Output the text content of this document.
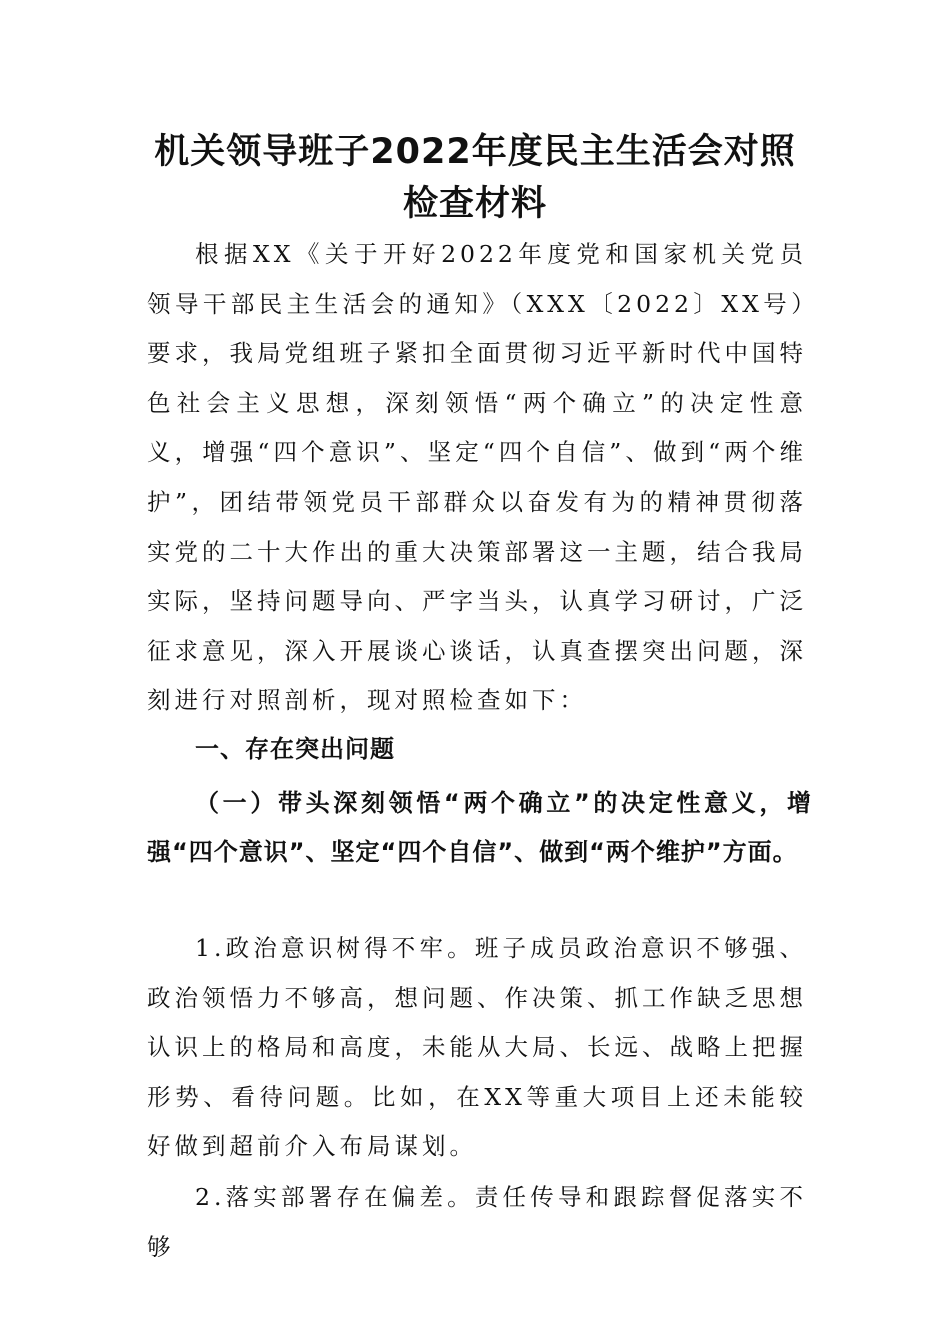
机关领导班子2022年度民主生活会对照
检查材料

根据XX《关于开好2022年度党和国家机关党员领导干部民主生活会的通知》（XXX〔2022〕XX号）要求，我局党组班子紧扣全面贯彻习近平新时代中国特色社会主义思想，深刻领悟“两个确立”的决定性意义，增强“四个意识”、坚定“四个自信”、做到“两个维护”，团结带领党员干部群众以奋发有为的精神贯彻落实党的二十大作出的重大决策部署这一主题，结合我局实际，坚持问题导向、严字当头，认真学习研讨，广泛征求意见，深入开展谈心谈话，认真查摆突出问题，深刻进行对照剖析，现对照检查如下：

一、存在突出问题
（一）带头深刻领悟“两个确立”的决定性意义，增强“四个意识”、坚定“四个自信”、做到“两个维护”方面。

1.政治意识树得不牢。班子成员政治意识不够强、政治领悟力不够高，想问题、作决策、抓工作缺乏思想认识上的格局和高度，未能从大局、长远、战略上把握形势、看待问题。比如，在XX等重大项目上还未能较好做到超前介入布局谋划。

2.落实部署存在偏差。责任传导和跟踪督促落实不够
